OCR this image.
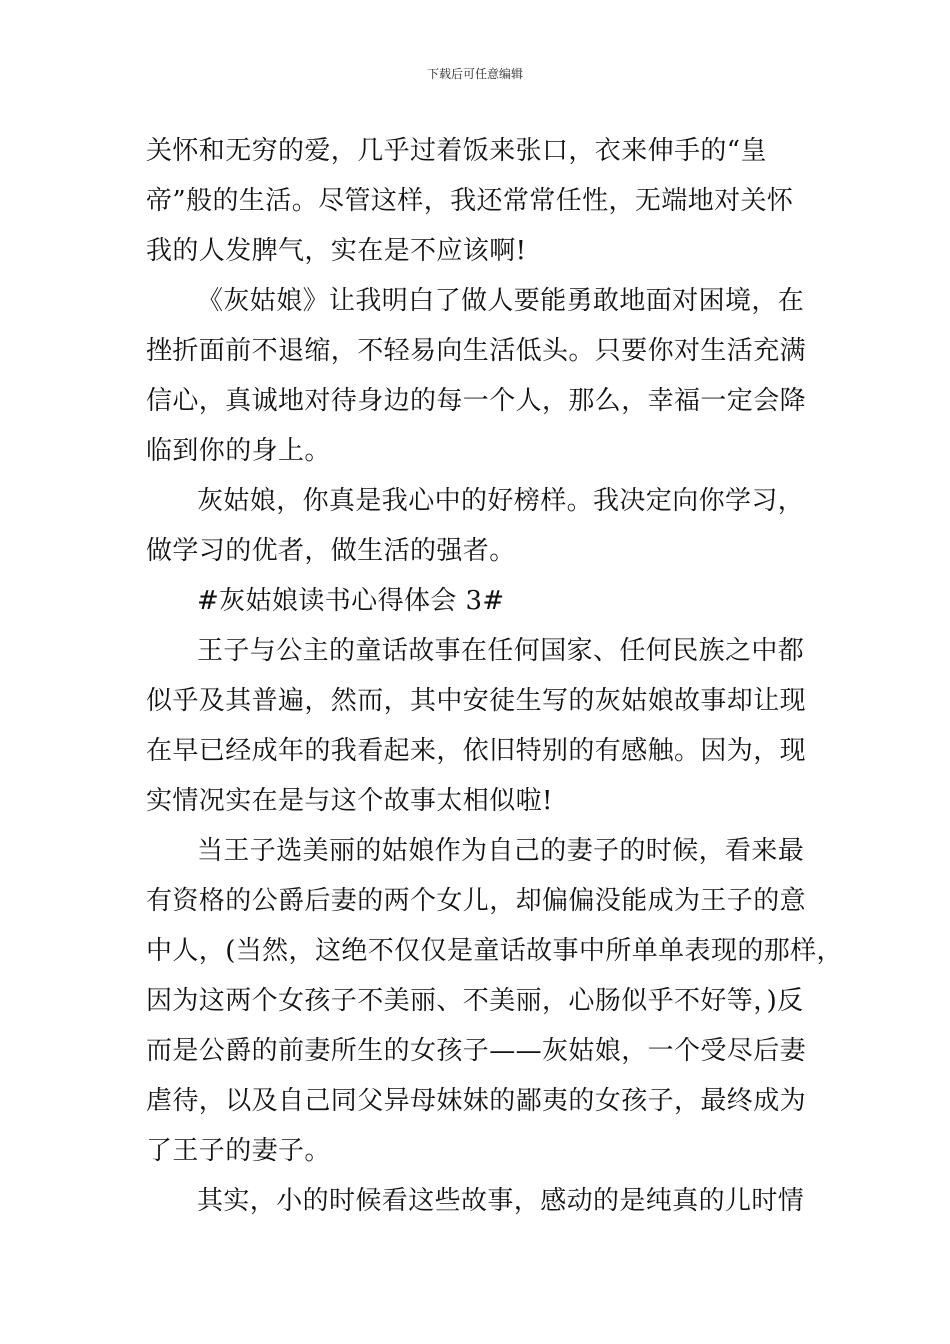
下载后可任意编辑
关怀和无穷的爱，几乎过着饭来张口，衣来伸手的“皇
帝”般的生活。尽管这样，我还常常任性，无端地对关怀
我的人发脾气，实在是不应该啊!
《灰姑娘》让我明白了做人要能勇敢地面对困境，在
挫折面前不退缩，不轻易向生活低头。只要你对生活充满
信心，真诚地对待身边的每一个人，那么，幸福一定会降
临到你的身上。
灰姑娘，你真是我心中的好榜样。我决定向你学习，
做学习的优者，做生活的强者。
#灰姑娘读书心得体会 3#
王子与公主的童话故事在任何国家、任何民族之中都
似乎及其普遍，然而，其中安徒生写的灰姑娘故事却让现
在早已经成年的我看起来，依旧特别的有感触。因为，现
实情况实在是与这个故事太相似啦!
当王子选美丽的姑娘作为自己的妻子的时候，看来最
有资格的公爵后妻的两个女儿，却偏偏没能成为王子的意
中人，(当然，这绝不仅仅是童话故事中所单单表现的那样，
因为这两个女孩子不美丽、不美丽，心肠似乎不好等，)反
而是公爵的前妻所生的女孩子——灰姑娘，一个受尽后妻
虐待，以及自己同父异母妹妹的鄙夷的女孩子，最终成为
了王子的妻子。
其实，小的时候看这些故事，感动的是纯真的儿时情
